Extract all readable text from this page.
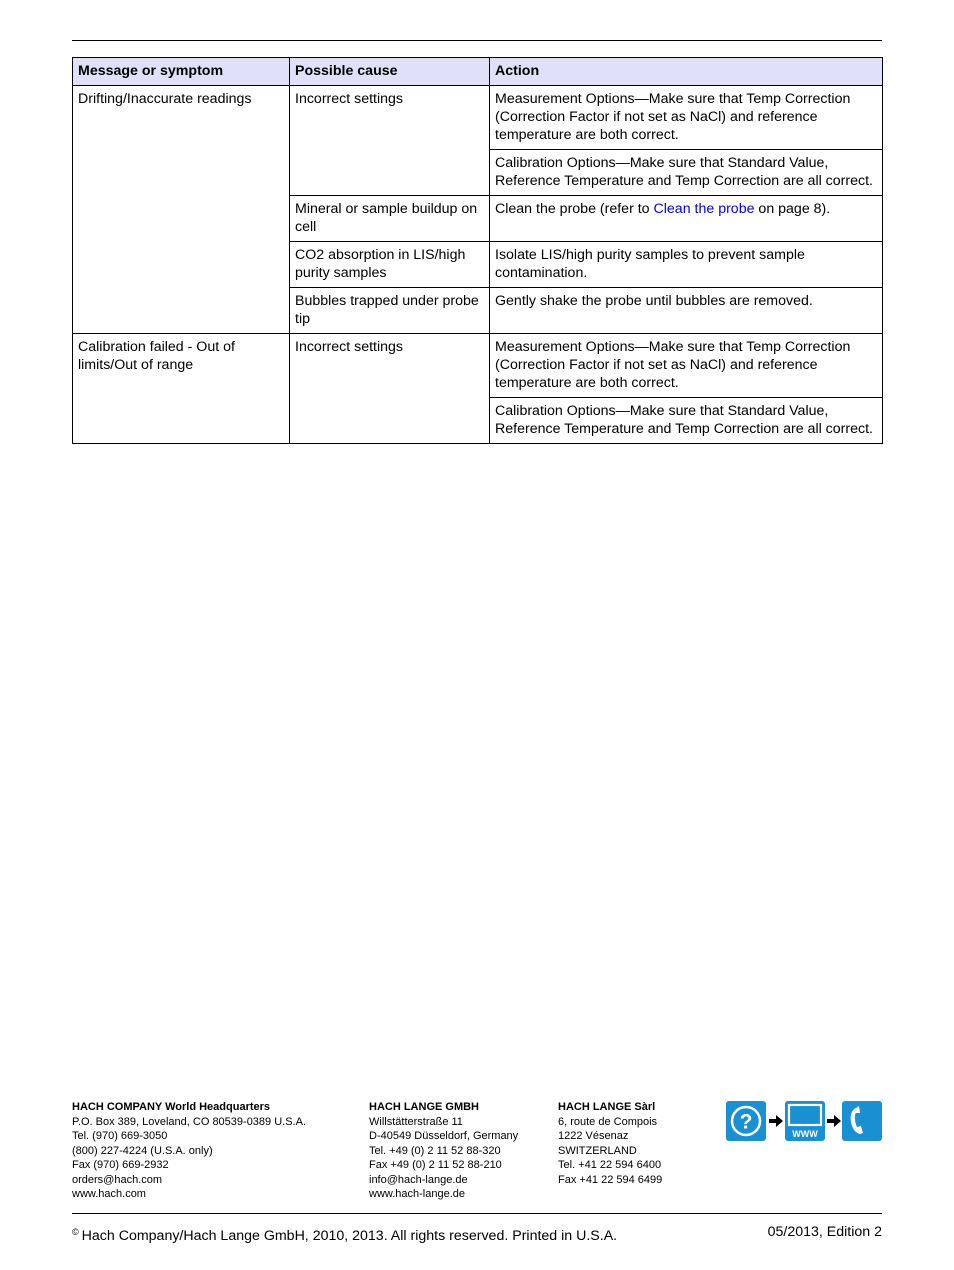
Message or symptom	Possible cause	Action
Drifting/Inaccurate readings	Incorrect settings	Measurement Options—Make sure that Temp Correction (Correction Factor if not set as NaCl) and reference temperature are both correct.
		Calibration Options—Make sure that Standard Value, Reference Temperature and Temp Correction are all correct.
	Mineral or sample buildup on cell	Clean the probe (refer to Clean the probe on page 8).
	CO2 absorption in LIS/high purity samples	Isolate LIS/high purity samples to prevent sample contamination.
	Bubbles trapped under probe tip	Gently shake the probe until bubbles are removed.
Calibration failed - Out of limits/Out of range	Incorrect settings	Measurement Options—Make sure that Temp Correction (Correction Factor if not set as NaCl) and reference temperature are both correct.
		Calibration Options—Make sure that Standard Value, Reference Temperature and Temp Correction are all correct.
HACH COMPANY World Headquarters
P.O. Box 389, Loveland, CO 80539-0389 U.S.A.
Tel. (970) 669-3050
(800) 227-4224 (U.S.A. only)
Fax (970) 669-2932
orders@hach.com
www.hach.com
HACH LANGE GMBH
Willstätterstraße 11
D-40549 Düsseldorf, Germany
Tel. +49 (0) 2 11 52 88-320
Fax +49 (0) 2 11 52 88-210
info@hach-lange.de
www.hach-lange.de
HACH LANGE Sàrl
6, route de Compois
1222 Vésenaz
SWITZERLAND
Tel. +41 22 594 6400
Fax +41 22 594 6499
?
WWW
© Hach Company/Hach Lange GmbH, 2010, 2013. All rights reserved. Printed in U.S.A.	05/2013, Edition 2
